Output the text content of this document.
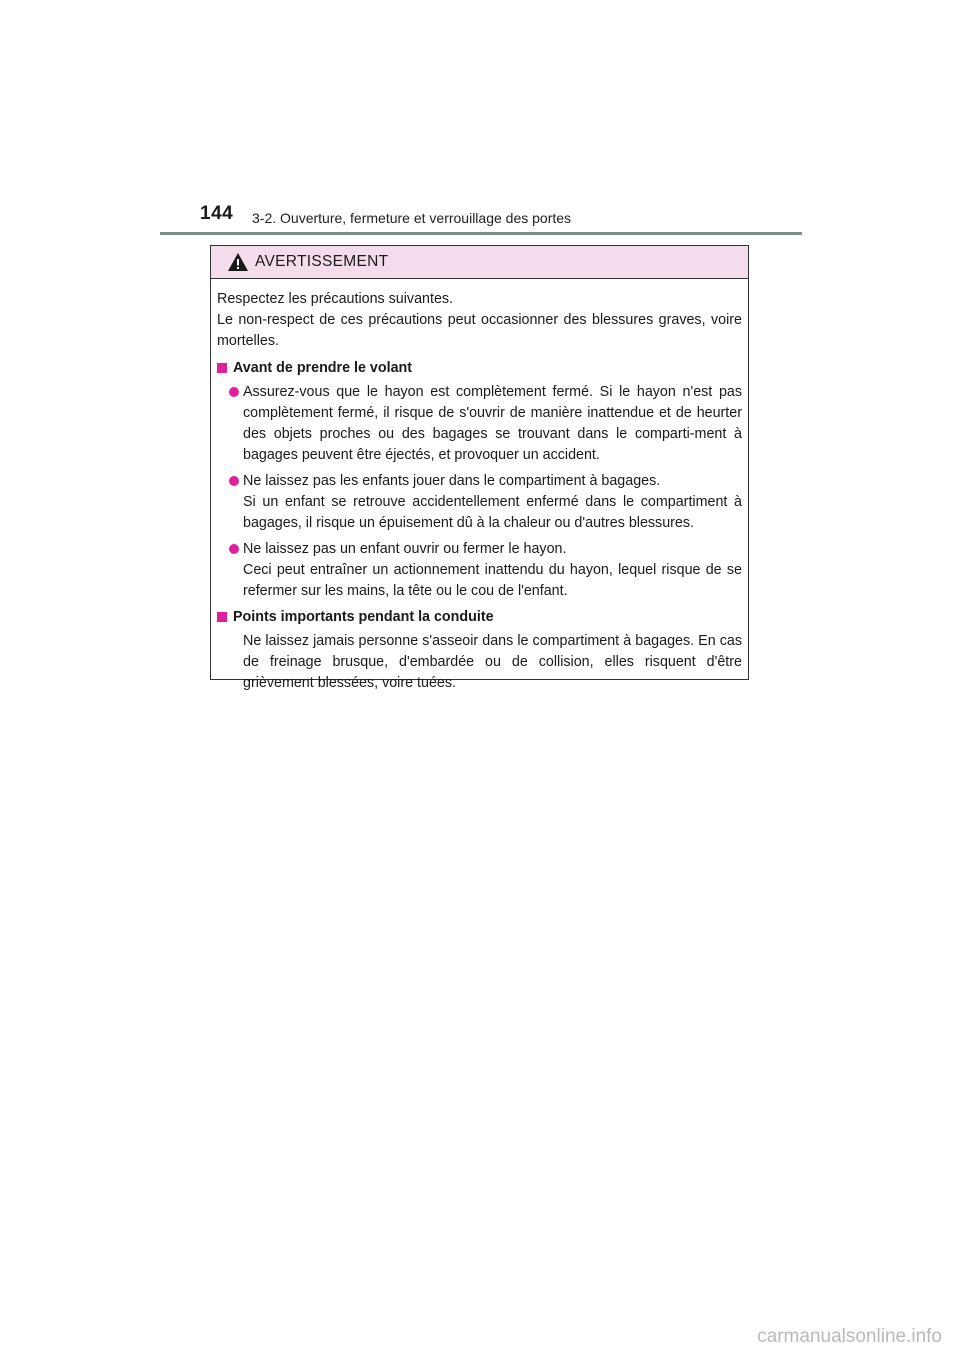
144 3-2. Ouverture, fermeture et verrouillage des portes
AVERTISSEMENT

Respectez les précautions suivantes.

Le non-respect de ces précautions peut occasionner des blessures graves, voire mortelles.

Avant de prendre le volant

Assurez-vous que le hayon est complètement fermé. Si le hayon n'est pas complètement fermé, il risque de s'ouvrir de manière inattendue et de heurter des objets proches ou des bagages se trouvant dans le comparti-ment à bagages peuvent être éjectés, et provoquer un accident.

Ne laissez pas les enfants jouer dans le compartiment à bagages.

Si un enfant se retrouve accidentellement enfermé dans le compartiment à bagages, il risque un épuisement dû à la chaleur ou d'autres blessures.

Ne laissez pas un enfant ouvrir ou fermer le hayon.

Ceci peut entraîner un actionnement inattendu du hayon, lequel risque de se refermer sur les mains, la tête ou le cou de l'enfant.

Points importants pendant la conduite

Ne laissez jamais personne s'asseoir dans le compartiment à bagages. En cas de freinage brusque, d'embardée ou de collision, elles risquent d'être grièvement blessées, voire tuées.

carmanualsonline.info
